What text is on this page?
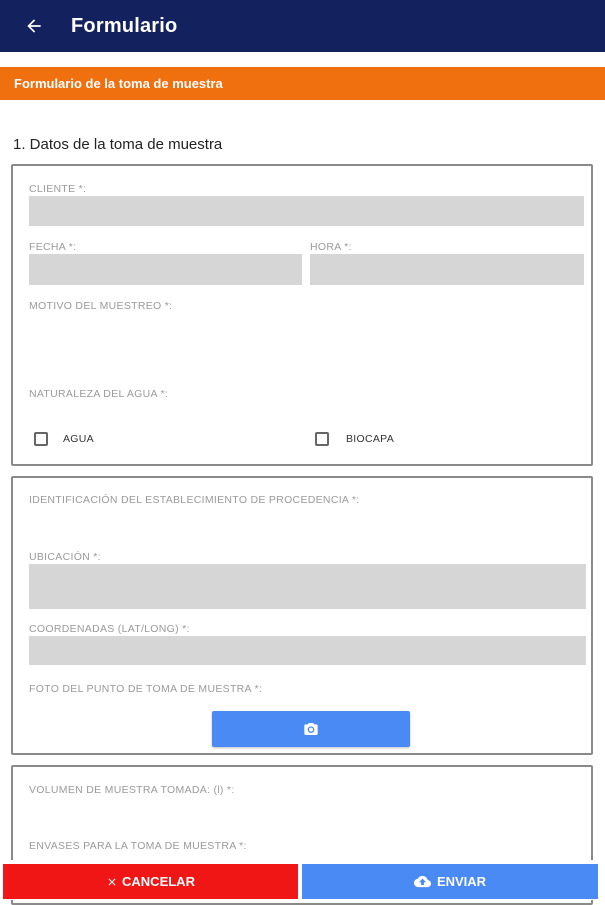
Formulario
Formulario de la toma de muestra
1. Datos de la toma de muestra
CLIENTE *:
FECHA *:	HORA *:
MOTIVO DEL MUESTREO *:
NATURALEZA DEL AGUA *:
AGUA	BIOCAPA
IDENTIFICACIÓN DEL ESTABLECIMIENTO DE PROCEDENCIA *:
UBICACIÓN *:
COORDENADAS (LAT/LONG) *:
FOTO DEL PUNTO DE TOMA DE MUESTRA *:
VOLUMEN DE MUESTRA TOMADA: (l) *:
ENVASES PARA LA TOMA DE MUESTRA *:
CANCELAR	ENVIAR
